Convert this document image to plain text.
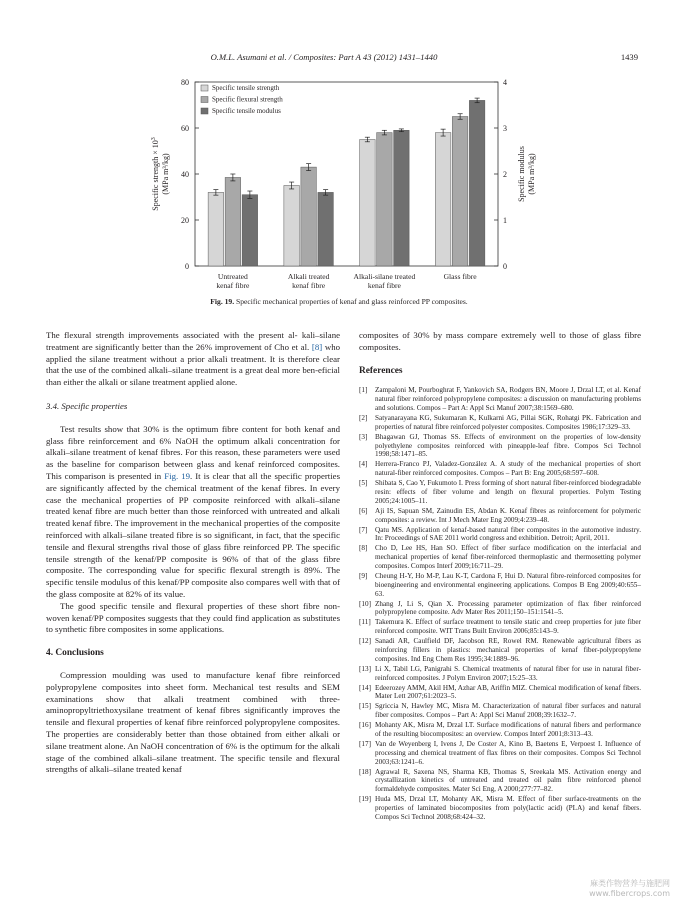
O.M.L. Asumani et al. / Composites: Part A 43 (2012) 1431–1440	1439
0
20
40
60
80
0
1
2
3
4
Specific strength × $10^3$
(MPa m³/kg)	Specific modulus (MPa m³/kg)
Untreated
kenaf fibre
Alkali treated
kenaf fibre
Alkali-silane treated
kenaf fibre
Glass fibre
Specific tensile strength
Specific flexural strength
Specific tensile modulus
Fig. 19. Specific mechanical properties of kenaf and glass reinforced PP composites.

The flexural strength improvements associated with the present al- kali–silane treatment are significantly better than the 26% improvement of Cho et al. [8] who applied the silane treatment without a prior alkali treatment. It is therefore clear that the use of the combined alkali–silane treatment is a great deal more ben-eficial than either the alkali or silane treatment applied alone.

3.4. Specific properties

Test results show that 30% is the optimum fibre content for both kenaf and glass fibre reinforcement and 6% NaOH the optimum alkali concentration for alkali–silane treatment of kenaf fibres. For this reason, these parameters were used as the baseline for comparison between glass and kenaf reinforced composites. This comparison is presented in Fig. 19. It is clear that all the specific properties are significantly affected by the chemical treatment of the kenaf fibres. In every case the mechanical properties of PP composite reinforced with alkali–silane treated kenaf fibre are much better than those reinforced with untreated and alkali treated kenaf fibre. The improvement in the mechanical properties of the composite reinforced with alkali–silane treated fibre is so significant, in fact, that the specific tensile and flexural strengths rival those of glass fibre reinforced PP. The specific tensile strength of the kenaf/PP composite is 96% of that of the glass fibre composite. The corresponding value for specific flexural strength is 89%. The specific tensile modulus of this kenaf/PP composite also compares well with that of the glass composite at 82% of its value.

The good specific tensile and flexural properties of these short fibre non-woven kenaf/PP composites suggests that they could find application as substitutes to synthetic fibre composites in some applications.

4. Conclusions

Compression moulding was used to manufacture kenaf fibre reinforced polypropylene composites into sheet form. Mechanical test results and SEM examinations show that alkali treatment combined with three-aminopropyltriethoxysilane treatment of kenaf fibres significantly improves the tensile and flexural properties of kenaf fibre reinforced polypropylene composites. The properties are considerably better than those obtained from either alkali or silane treatment alone. An NaOH concentration of 6% is the optimum for the alkali stage of the combined alkali–silane treatment. The specific tensile and flexural strengths of alkali–silane treated kenaf

composites of 30% by mass compare extremely well to those of glass fibre composites.

References
[1]	Zampaloni M, Pourboghrat F, Yankovich SA, Rodgers BN, Moore J, Drzal LT, et al. Kenaf natural fiber reinforced polypropylene composites: a discussion on manufacturing problems and solutions. Compos – Part A: Appl Sci Manuf 2007;38:1569–680.
[2]	Satyanarayana KG, Sukumaran K, Kulkarni AG, Pillai SGK, Rohatgi PK. Fabrication and properties of natural fibre reinforced polyester composites. Composites 1986;17:329–33.
[3]	Bhagawan GJ, Thomas SS. Effects of environment on the properties of low-density polyethylene composites reinforced with pineapple-leaf fibre. Compos Sci Technol 1998;58:1471–85.
[4]	Herrera-Franco PJ, Valadez-González A. A study of the mechanical properties of short natural-fiber reinforced composites. Compos – Part B: Eng 2005;68:597–608.
[5]	Shibata S, Cao Y, Fukumoto I. Press forming of short natural fiber-reinforced biodegradable resin: effects of fiber volume and length on flexural properties. Polym Testing 2005;24:1005–11.
[6]	Aji IS, Sapuan SM, Zainudin ES, Abdan K. Kenaf fibres as reinforcement for polymeric composites: a review. Int J Mech Mater Eng 2009;4:239–48.
[7]	Qatu MS. Application of kenaf-based natural fiber composites in the automotive industry. In: Proceedings of SAE 2011 world congress and exhibition. Detroit; April, 2011.
[8]	Cho D, Lee HS, Han SO. Effect of fiber surface modification on the interfacial and mechanical properties of kenaf fiber-reinforced thermoplastic and thermosetting polymer composites. Compos Interf 2009;16:711–29.
[9]	Cheung H-Y, Ho M-P, Lau K-T, Cardona F, Hui D. Natural fibre-reinforced composites for bioengineering and environmental engineering applications. Compos B Eng 2009;40:655–63.
[10] Zhang J, Li S, Qian X. Processing parameter optimization of flax fiber reinforced polypropylene composite. Adv Mater Res 2011;150–151:1541–5.
[11] Takemura K. Effect of surface treatment to tensile static and creep properties for jute fiber reinforced composite. WIT Trans Built Environ 2006;85:143–9.
[12] Sanadi AR, Caulfield DF, Jacobson RE, Rowel RM. Renewable agricultural fibers as reinforcing fillers in plastics: mechanical properties of kenaf fiber-polypropylene composites. Ind Eng Chem Res 1995;34:1889–96.
[13] Li X, Tabil LG, Panigrahi S. Chemical treatments of natural fiber for use in natural fiber-reinforced composites. J Polym Environ 2007;15:25–33.
[14] Edeerozey AMM, Akil HM, Azhar AB, Ariffin MIZ. Chemical modification of kenaf fibers. Mater Lett 2007;61:2023–5.
[15] Sgriccia N, Hawley MC, Misra M. Characterization of natural fiber surfaces and natural fiber composites. Compos – Part A: Appl Sci Manuf 2008;39:1632–7.
[16] Mohanty AK, Misra M, Drzal LT. Surface modifications of natural fibers and performance of the resulting biocomposites: an overview. Compos Interf 2001;8:313–43.
[17] Van de Weyenberg I, Ivens J, De Coster A, Kino B, Baetens E, Verpoest I. Influence of processing and chemical treatment of flax fibres on their composites. Compos Sci Technol 2003;63:1241–6.
[18] Agrawal R, Saxena NS, Sharma KB, Thomas S, Sreekala MS. Activation energy and crystallization kinetics of untreated and treated oil palm fibre reinforced phenol formaldehyde composites. Mater Sci Eng, A 2000;277:77–82.
[19] Huda MS, Drzal LT, Mohanty AK, Misra M. Effect of fiber surface-treatments on the properties of laminated biocomposites from poly(lactic acid) (PLA) and kenaf fibers. Compos Sci Technol 2008;68:424–32.
麻类作物营养与施肥网
www.fibercrops.com
